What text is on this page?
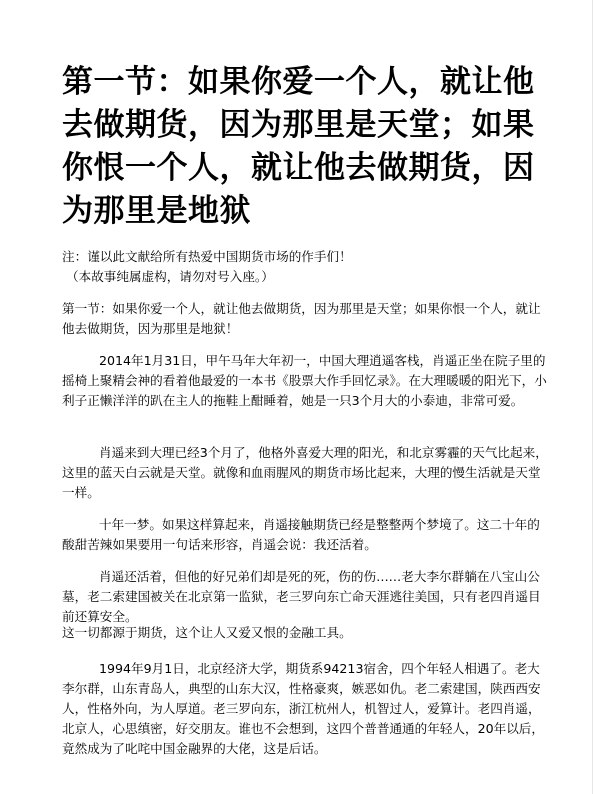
第一节：如果你爱一个人，就让他去做期货，因为那里是天堂；如果你恨一个人，就让他去做期货，因为那里是地狱

注：谨以此文献给所有热爱中国期货市场的作手们！
（本故事纯属虚构，请勿对号入座。）

第一节：如果你爱一个人，就让他去做期货，因为那里是天堂；如果你恨一个人，就让他去做期货，因为那里是地狱！

2014年1月31日，甲午马年大年初一，中国大理逍遥客栈，肖遥正坐在院子里的摇椅上聚精会神的看着他最爱的一本书《股票大作手回忆录》。在大理暖暖的阳光下，小利子正懒洋洋的趴在主人的拖鞋上酣睡着，她是一只3个月大的小泰迪，非常可爱。

肖遥来到大理已经3个月了，他格外喜爱大理的阳光，和北京雾霾的天气比起来，这里的蓝天白云就是天堂。就像和血雨腥风的期货市场比起来，大理的慢生活就是天堂一样。

十年一梦。如果这样算起来，肖遥接触期货已经是整整两个梦境了。这二十年的酸甜苦辣如果要用一句话来形容，肖遥会说：我还活着。

肖遥还活着，但他的好兄弟们却是死的死，伤的伤……老大李尔群躺在八宝山公墓，老二索建国被关在北京第一监狱，老三罗向东亡命天涯逃往美国，只有老四肖遥目前还算安全。

这一切都源于期货，这个让人又爱又恨的金融工具。

1994年9月1日，北京经济大学，期货系94213宿舍，四个年轻人相遇了。老大李尔群，山东青岛人，典型的山东大汉，性格豪爽，嫉恶如仇。老二索建国，陕西西安人，性格外向，为人厚道。老三罗向东，浙江杭州人，机智过人，爱算计。老四肖遥，北京人，心思缜密，好交朋友。谁也不会想到，这四个普普通通的年轻人，20年以后，竟然成为了叱咤中国金融界的大佬，这是后话。
